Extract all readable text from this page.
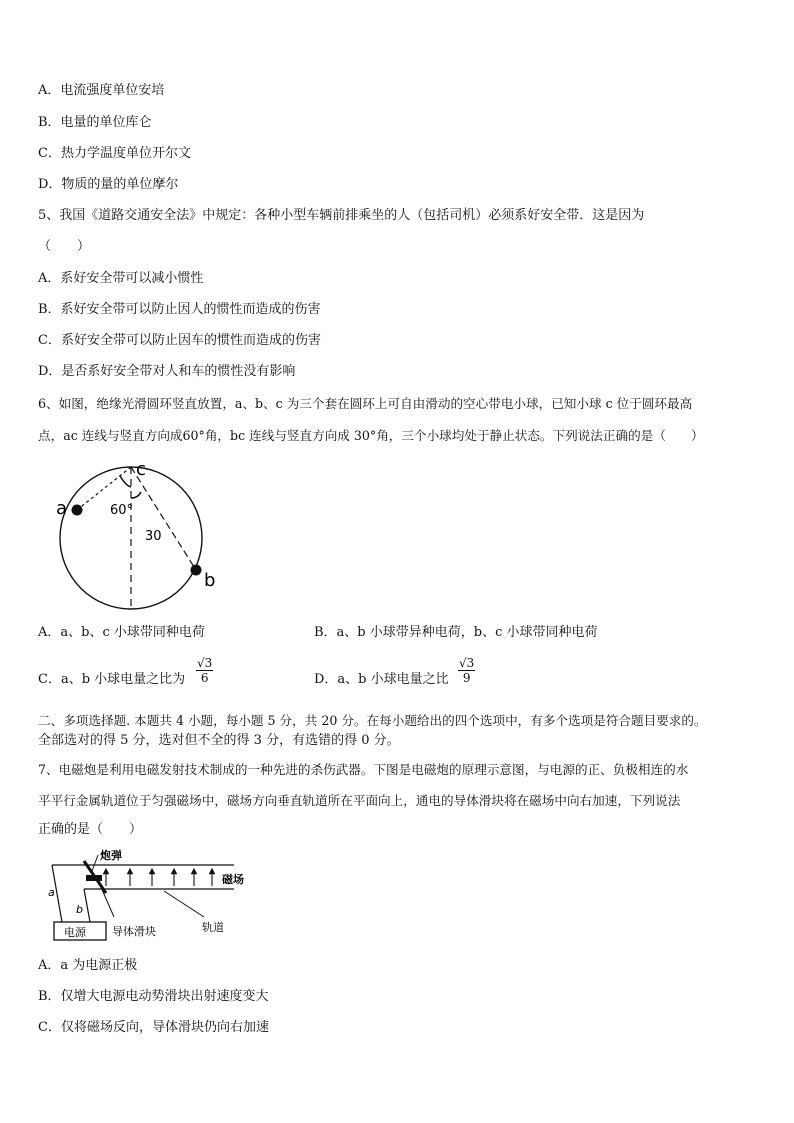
A．电流强度单位安培
B．电量的单位库仑
C．热力学温度单位开尔文
D．物质的量的单位摩尔
5、我国《道路交通安全法》中规定：各种小型车辆前排乘坐的人（包括司机）必须系好安全带．这是因为
（　　）
A．系好安全带可以减小惯性
B．系好安全带可以防止因人的惯性而造成的伤害
C．系好安全带可以防止因车的惯性而造成的伤害
D．是否系好安全带对人和车的惯性没有影响
6、如图，绝缘光滑圆环竖直放置，a、b、c 为三个套在圆环上可自由滑动的空心带电小球，已知小球 c 位于圆环最高
点，ac 连线与竖直方向成60°角，bc 连线与竖直方向成 30°角，三个小球均处于静止状态。下列说法正确的是（　　）
a
b
c
60°
30
A．a、b、c 小球带同种电荷	B．a、b 小球带异种电荷，b、c 小球带同种电荷
C．a、b 小球电量之比为 $\frac{√3}{6}$	D．a、b 小球电量之比 $\frac{√3}{9}$
二、多项选择题. 本题共 4 小题，每小题 5 分，共 20 分。在每小题给出的四个选项中，有多个选项是符合题目要求的。
全部选对的得 5 分，选对但不全的得 3 分，有选错的得 0 分。
7、电磁炮是利用电磁发射技术制成的一种先进的杀伤武器。下图是电磁炮的原理示意图，与电源的正、负极相连的水
平平行金属轨道位于匀强磁场中，磁场方向垂直轨道所在平面向上，通电的导体滑块将在磁场中向右加速，下列说法
正确的是（　　）
电源
炮弹
磁场
a
b
导体滑块	轨道
A．a 为电源正极
B．仅增大电源电动势滑块出射速度变大
C．仅将磁场反向，导体滑块仍向右加速
